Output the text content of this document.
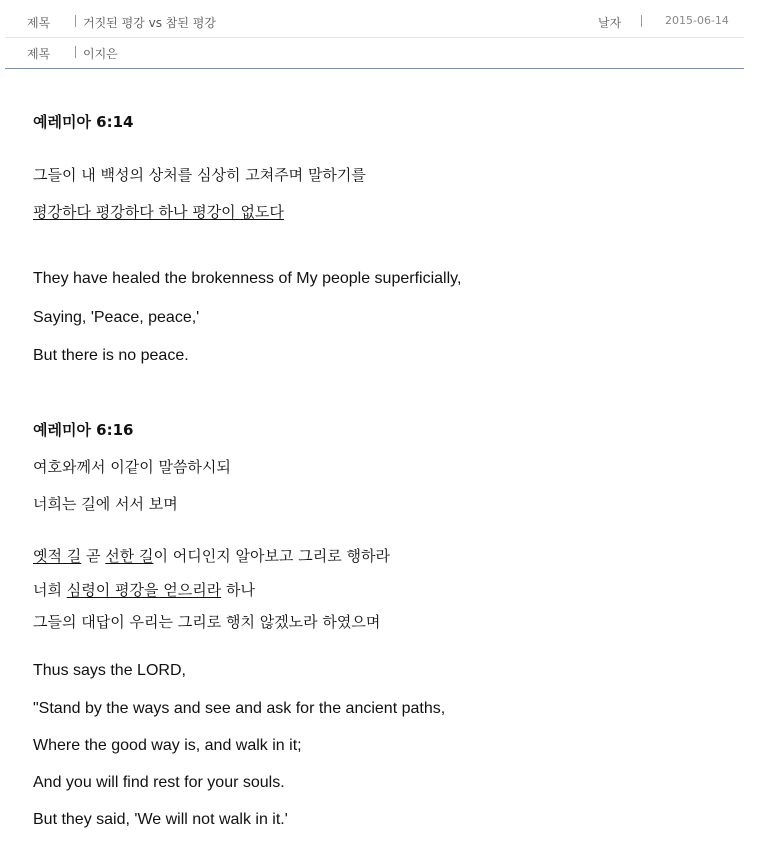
제목	거짓된 평강 vs 참된 평강	날자	2015-06-14
제목	이지은
예레미아 6:14
그들이 내 백성의 상처를 심상히 고쳐주며 말하기를
평강하다 평강하다 하나 평강이 없도다
They have healed the brokenness of My people superficially,
Saying, 'Peace, peace,'
But there is no peace.
예레미아 6:16
여호와께서 이같이 말씀하시되
너희는 길에 서서 보며
옛적 길 곧 선한 길이 어디인지 알아보고 그리로 행하라
너희 심령이 평강을 얻으리라 하나
그들의 대답이 우리는 그리로 행치 않겠노라 하였으며
Thus says the LORD,
"Stand by the ways and see and ask for the ancient paths,
Where the good way is, and walk in it;
And you will find rest for your souls.
But they said, 'We will not walk in it.'
